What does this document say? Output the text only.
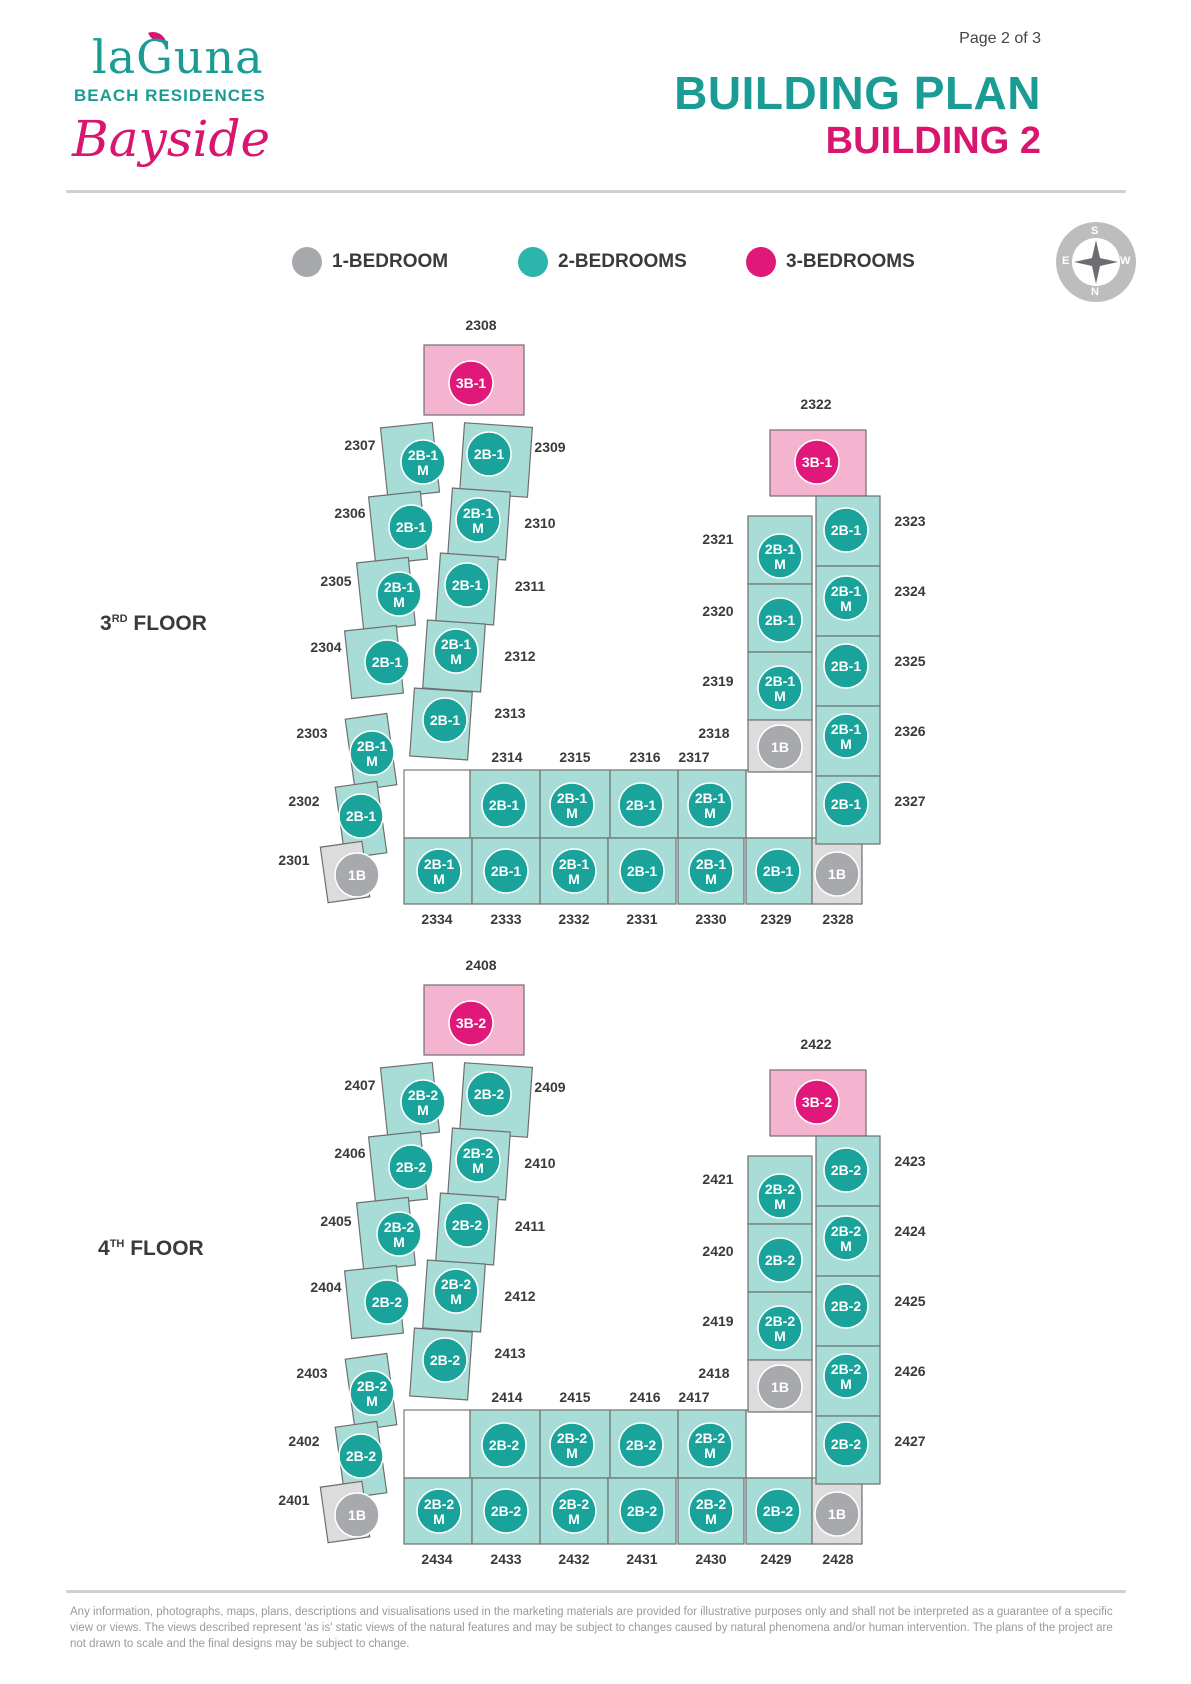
laGuna
BEACH RESIDENCES
Bayside
Page 2 of 3
BUILDING PLAN
BUILDING 2
1-BEDROOM	2-BEDROOMS	3-BEDROOMS
S
E	W
N
3RD FLOOR
4TH FLOOR
3B-1
2308
2B-1
M
2307
2B-1 2309
2B-1
2306	2B-1
M	2310
2B-1
M
2305	2B-1 2311
2B-1
2304	2B-1
M	2312
2B-1 2313
2B-1
M
2303
2B-1
2302
1B
2301
2B-1
2314
2B-1
M
2315
2B-1
2316
2B-1
M
2317
2B-1
M
2334
2B-1
2333
2B-1
M
2332
2B-1
2331
2B-1
M
2330
2B-1
2329
1B
2328
3B-1
2322
2B-1
M
2321
2B-1
2320
2B-1
M
2319
1B
2318
2B-1
2323
2B-1
M
2324
2B-1 2325
2B-1
M
2326
2B-1 2327
3B-2
2408
2B-2
M
2407
2B-2 2409
2B-2
2406	2B-2
M	2410
2B-2
M
2405	2B-2 2411
2B-2
2404	2B-2
M	2412
2B-2 2413
2B-2
M
2403
2B-2
2402
1B
2401
2B-2
2414
2B-2
M
2415
2B-2
2416
2B-2
M
2417
2B-2
M
2434
2B-2
2433
2B-2
M
2432
2B-2
2431
2B-2
M
2430
2B-2
2429
1B
2428
3B-2
2422
2B-2
M
2421
2B-2
2420
2B-2
M
2419
1B
2418
2B-2
2423
2B-2
M
2424
2B-2 2425
2B-2
M
2426
2B-2 2427
Any information, photographs, maps, plans, descriptions and visualisations used in the marketing materials are provided for illustrative purposes only and shall not be interpreted as a guarantee of a specific view or views. The views described represent 'as is' static views of the natural features and may be subject to changes caused by natural phenomena and/or human intervention. The plans of the project are not drawn to scale and the final designs may be subject to change.
